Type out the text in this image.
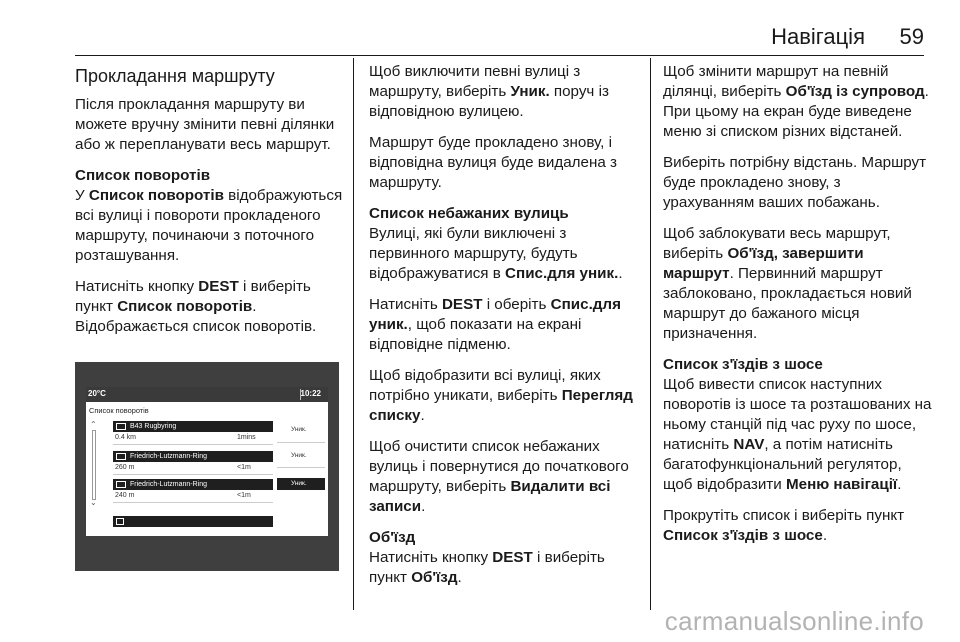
Навігація 59
Прокладання маршруту

Після прокладання маршруту ви можете вручну змінити певні ділянки або ж перепланувати весь маршрут.

Список поворотів

У Список поворотів відображуються всі вулиці і повороти прокладеного маршруту, починаючи з поточного розташування.

Натисніть кнопку DEST і виберіть пункт Список поворотів.

Відображається список поворотів.

20°C	10:22
Список поворотів
⌃
⌄
B43 Rugbyring
0.4 km	1mins
Уник.
Friedrich-Lutzmann-Ring
260 m	<1m
Уник.
Friedrich-Lutzmann-Ring
240 m	<1m
Уник.

Щоб виключити певні вулиці з маршруту, виберіть Уник. поруч із відповідною вулицею.

Маршрут буде прокладено знову, і відповідна вулиця буде видалена з маршруту.

Список небажаних вулиць

Вулиці, які були виключені з первинного маршруту, будуть відображуватися в Спис.для уник..

Натисніть DEST і оберіть Спис.для уник., щоб показати на екрані відповідне підменю.

Щоб відобразити всі вулиці, яких потрібно уникати, виберіть Перегляд списку.

Щоб очистити список небажаних вулиць і повернутися до початкового маршруту, виберіть Видалити всі записи.

Об'їзд

Натисніть кнопку DEST і виберіть пункт Об'їзд.

Щоб змінити маршрут на певній ділянці, виберіть Об'їзд із супровод. При цьому на екран буде виведене меню зі списком різних відстаней.

Виберіть потрібну відстань. Маршрут буде прокладено знову, з урахуванням ваших побажань.

Щоб заблокувати весь маршрут, виберіть Об'їзд, завершити маршрут. Первинний маршрут заблоковано, прокладається новий маршрут до бажаного місця призначення.

Список з'їздів з шосе

Щоб вивести список наступних поворотів із шосе та розташованих на ньому станцій під час руху по шосе, натисніть NAV, а потім натисніть багатофункціональний регулятор, щоб відобразити Меню навігації.

Прокрутіть список і виберіть пункт Список з'їздів з шосе.

carmanualsonline.info
